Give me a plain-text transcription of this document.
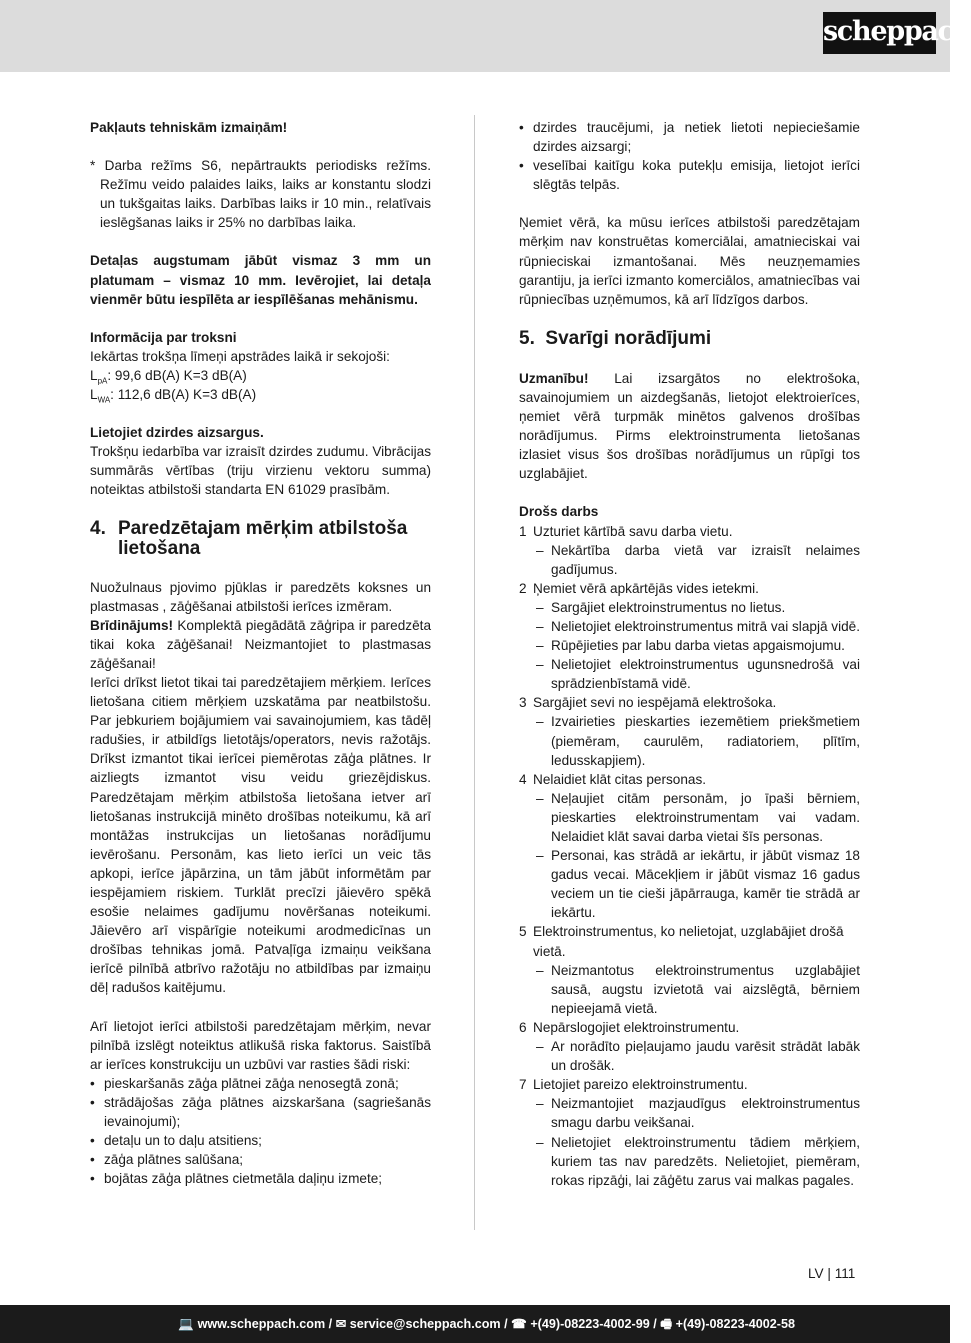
scheppach

Pakļauts tehniskām izmaiņām!

* Darba režīms S6, nepārtraukts periodisks režīms. Režīmu veido palaides laiks, laiks ar konstantu slodzi un tukšgaitas laiks. Darbības laiks ir 10 min., relatīvais ieslēgšanas laiks ir 25% no darbības laika.

Detaļas augstumam jābūt vismaz 3 mm un platumam – vismaz 10 mm. Ievērojiet, lai detaļa vienmēr būtu iespīlēta ar iespīlēšanas mehānismu.

Informācija par troksni

Iekārtas trokšņa līmeņi apstrādes laikā ir sekojoši:

$L_{pA}$: 99,6 dB(A) K=3 dB(A)

$L_{WA}$: 112,6 dB(A) K=3 dB(A)

Lietojiet dzirdes aizsargus.

Trokšņu iedarbība var izraisīt dzirdes zudumu. Vibrācijas summārās vērtības (triju virzienu vektoru summa) noteiktas atbilstoši standarta EN 61029 prasībām.

4. Paredzētajam mērķim atbilstoša lietošana

Nuožulnaus pjovimo pjūklas ir paredzēts koksnes un plastmasas , zāģēšanai atbilstoši ierīces izmēram.

Brīdinājums! Komplektā piegādātā zāģripa ir paredzēta tikai koka zāģēšanai! Neizmantojiet to plastmasas zāģēšanai!

Ierīci drīkst lietot tikai tai paredzētajiem mērķiem. Ierīces lietošana citiem mērķiem uzskatāma par neatbilstošu. Par jebkuriem bojājumiem vai savainojumiem, kas tādēļ radušies, ir atbildīgs lietotājs/operators, nevis ražotājs. Drīkst izmantot tikai ierīcei piemērotas zāģa plātnes. Ir aizliegts izmantot visu veidu griezējdiskus. Paredzētajam mērķim atbilstoša lietošana ietver arī lietošanas instrukcijā minēto drošības noteikumu, kā arī montāžas instrukcijas un lietošanas norādījumu ievērošanu. Personām, kas lieto ierīci un veic tās apkopi, ierīce jāpārzina, un tām jābūt informētām par iespējamiem riskiem. Turklāt precīzi jāievēro spēkā esošie nelaimes gadījumu novēršanas noteikumi. Jāievēro arī vispārīgie noteikumi arodmedicīnas un drošības tehnikas jomā. Patvaļīga izmaiņu veikšana ierīcē pilnībā atbrīvo ražotāju no atbildības par izmaiņu dēļ radušos kaitējumu.

Arī lietojot ierīci atbilstoši paredzētajam mērķim, nevar pilnībā izslēgt noteiktus atlikušā riska faktorus. Saistībā ar ierīces konstrukciju un uzbūvi var rasties šādi riski:

• pieskaršanās zāģa plātnei zāģa nenosegtā zonā;
• strādājošas zāģa plātnes aizskaršana (sagriešanās ievainojumi);
• detaļu un to daļu atsitiens;
• zāģa plātnes salūšana;
• bojātas zāģa plātnes cietmetāla daļiņu izmete;
• dzirdes traucējumi, ja netiek lietoti nepieciešamie dzirdes aizsargi;
• veselībai kaitīgu koka putekļu emisija, lietojot ierīci slēgtās telpās.

Ņemiet vērā, ka mūsu ierīces atbilstoši paredzētajam mērķim nav konstruētas komerciālai, amatnieciskai vai rūpnieciskai izmantošanai. Mēs neuzņemamies garantiju, ja ierīci izmanto komerciālos, amatniecības vai rūpniecības uzņēmumos, kā arī līdzīgos darbos.

5. Svarīgi norādījumi

Uzmanību! Lai izsargātos no elektrošoka, savainojumiem un aizdegšanās, lietojot elektroierīces, ņemiet vērā turpmāk minētos galvenos drošības norādījumus. Pirms elektroinstrumenta lietošanas izlasiet visus šos drošības norādījumus un rūpīgi tos uzglabājiet.

Drošs darbs

1 Uzturiet kārtībā savu darba vietu.
– Nekārtība darba vietā var izraisīt nelaimes gadījumus.
2 Ņemiet vērā apkārtējās vides ietekmi.
– Sargājiet elektroinstrumentus no lietus.
– Nelietojiet elektroinstrumentus mitrā vai slapjā vidē.
– Rūpējieties par labu darba vietas apgaismojumu.
– Nelietojiet elektroinstrumentus ugunsnedrošā vai sprādzienbīstamā vidē.
3 Sargājiet sevi no iespējamā elektrošoka.
– Izvairieties pieskarties iezemētiem priekšmetiem (piemēram, caurulēm, radiatoriem, plītīm, ledusskapjiem).
4 Nelaidiet klāt citas personas.
– Neļaujiet citām personām, jo īpaši bērniem, pieskarties elektroinstrumentam vai vadam. Nelaidiet klāt savai darba vietai šīs personas.
– Personai, kas strādā ar iekārtu, ir jābūt vismaz 18 gadus vecai. Mācekļiem ir jābūt vismaz 16 gadus veciem un tie cieši jāpārrauga, kamēr tie strādā ar iekārtu.
5 Elektroinstrumentus, ko nelietojat, uzglabājiet drošā vietā.
– Neizmantotus elektroinstrumentus uzglabājiet sausā, augstu izvietotā vai aizslēgtā, bērniem nepieejamā vietā.
6 Nepārslogojiet elektroinstrumentu.
– Ar norādīto pieļaujamo jaudu varēsit strādāt labāk un drošāk.
7 Lietojiet pareizo elektroinstrumentu.
– Neizmantojiet mazjaudīgus elektroinstrumentus smagu darbu veikšanai.
– Nelietojiet elektroinstrumentu tādiem mērķiem, kuriem tas nav paredzēts. Nelietojiet, piemēram, rokas ripzāģi, lai zāģētu zarus vai malkas pagales.
LV | 111
💻 www.scheppach.com / ✉ service@scheppach.com / ☎ +(49)-08223-4002-99 / 🖷 +(49)-08223-4002-58
